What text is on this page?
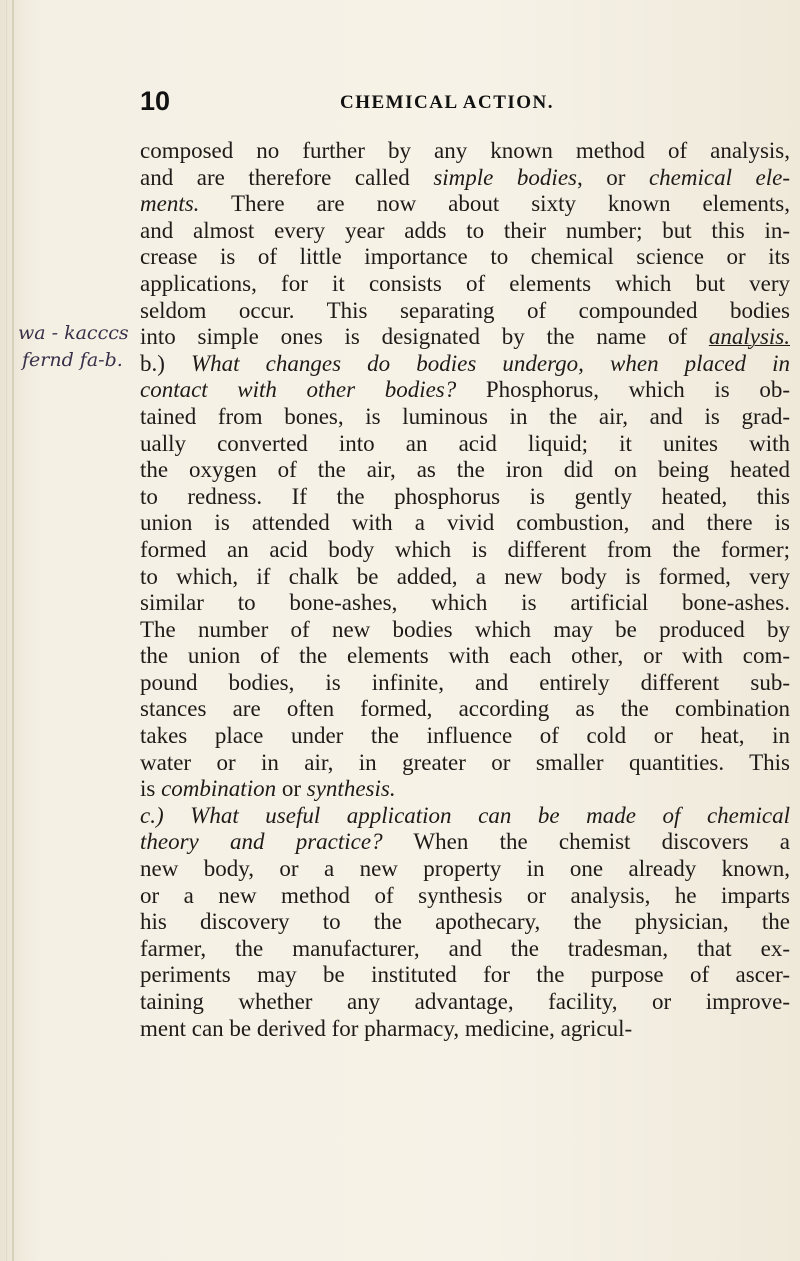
10	CHEMICAL ACTION.
wa - kacccs
fernd fa-b.
composed no further by any known method of analysis,
and are therefore called simple bodies, or chemical ele-
ments. There are now about sixty known elements,
and almost every year adds to their number; but this in-
crease is of little importance to chemical science or its
applications, for it consists of elements which but very
seldom occur. This separating of compounded bodies
into simple ones is designated by the name of analysis.
b.) What changes do bodies undergo, when placed in
contact with other bodies? Phosphorus, which is ob-
tained from bones, is luminous in the air, and is grad-
ually converted into an acid liquid; it unites with
the oxygen of the air, as the iron did on being heated
to redness. If the phosphorus is gently heated, this
union is attended with a vivid combustion, and there is
formed an acid body which is different from the former;
to which, if chalk be added, a new body is formed, very
similar to bone-ashes, which is artificial bone-ashes.
The number of new bodies which may be produced by
the union of the elements with each other, or with com-
pound bodies, is infinite, and entirely different sub-
stances are often formed, according as the combination
takes place under the influence of cold or heat, in
water or in air, in greater or smaller quantities. This
is combination or synthesis.
c.) What useful application can be made of chemical
theory and practice? When the chemist discovers a
new body, or a new property in one already known,
or a new method of synthesis or analysis, he imparts
his discovery to the apothecary, the physician, the
farmer, the manufacturer, and the tradesman, that ex-
periments may be instituted for the purpose of ascer-
taining whether any advantage, facility, or improve-
ment can be derived for pharmacy, medicine, agricul-
